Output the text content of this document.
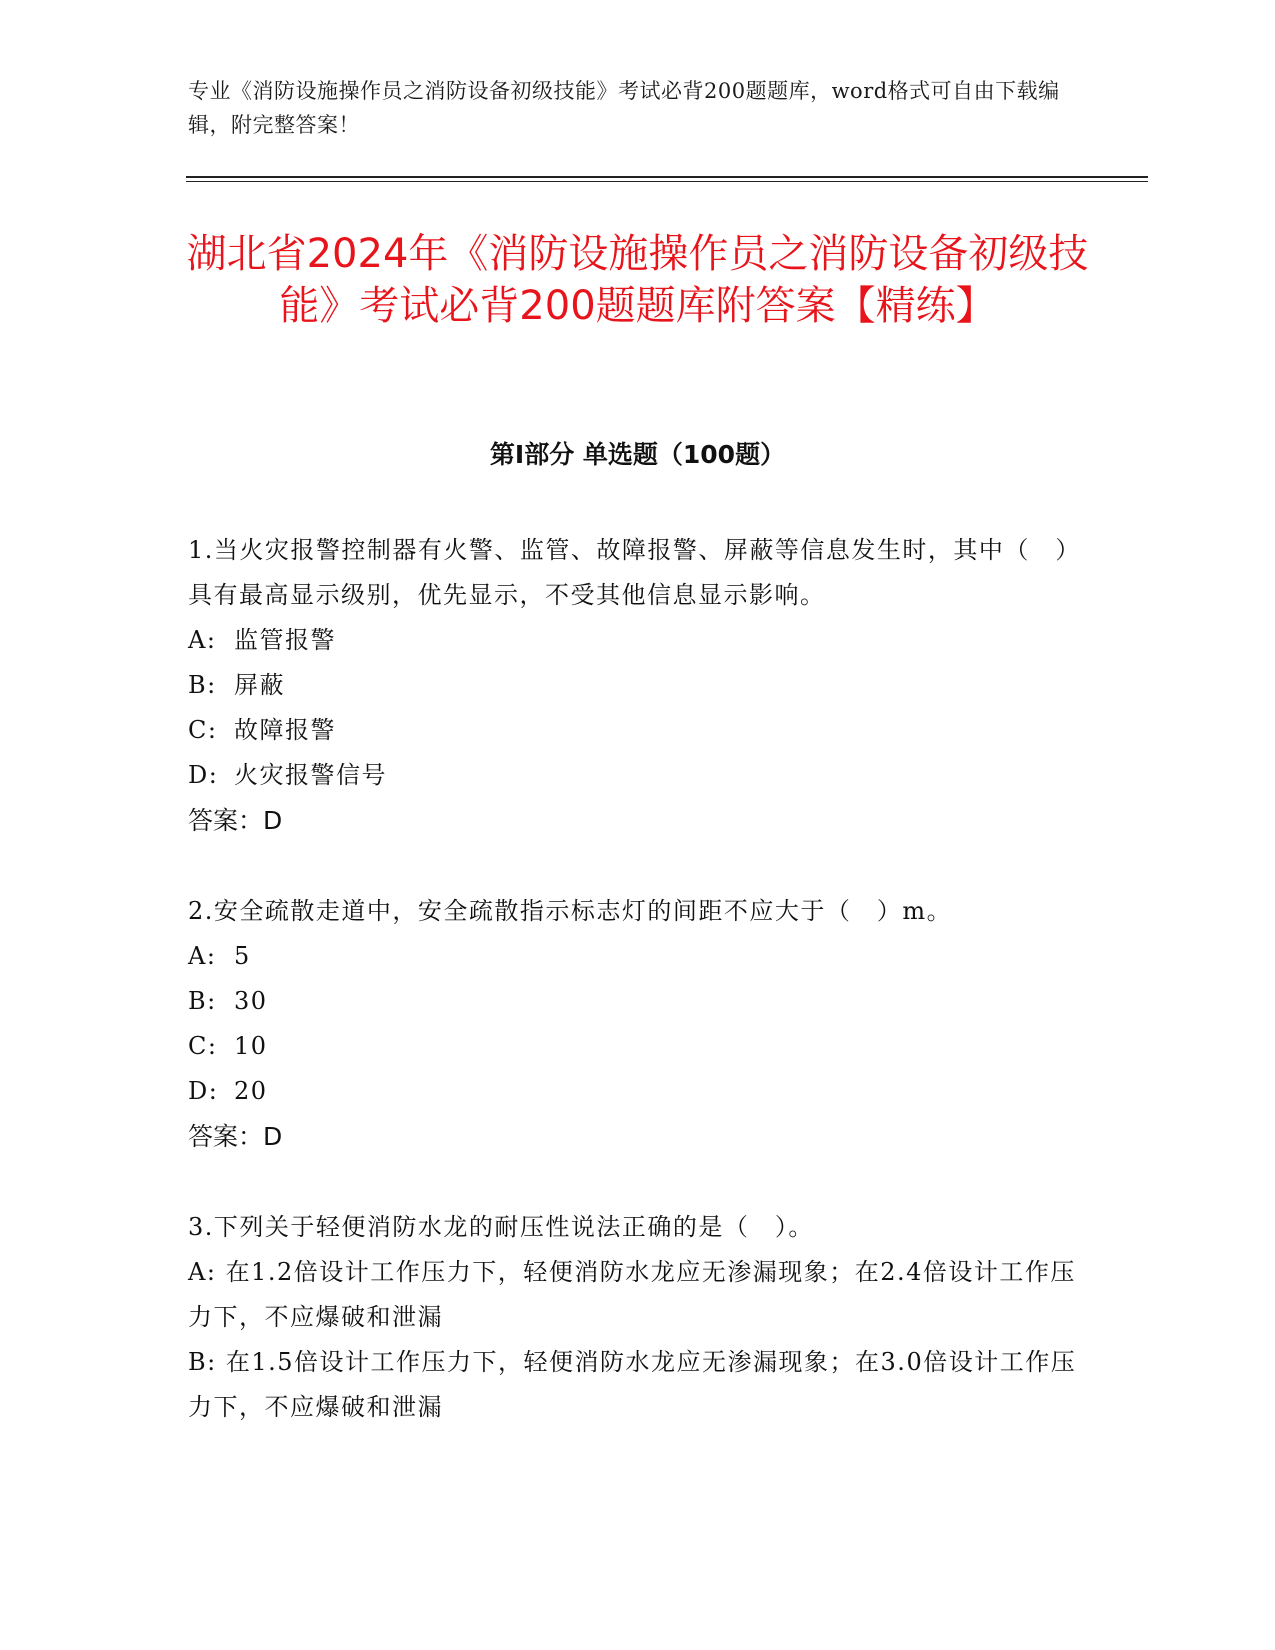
专业《消防设施操作员之消防设备初级技能》考试必背200题题库，word格式可自由下载编辑，附完整答案！
湖北省2024年《消防设施操作员之消防设备初级技能》考试必背200题题库附答案【精练】
第I部分 单选题（100题）

1.当火灾报警控制器有火警、监管、故障报警、屏蔽等信息发生时，其中（　）具有最高显示级别，优先显示，不受其他信息显示影响。

A: 监管报警

B: 屏蔽

C: 故障报警

D: 火灾报警信号

答案：D

2.安全疏散走道中，安全疏散指示标志灯的间距不应大于（　）m。

A: 5

B: 30

C: 10

D: 20

答案：D

3.下列关于轻便消防水龙的耐压性说法正确的是（　）。

A: 在1.2倍设计工作压力下，轻便消防水龙应无渗漏现象；在2.4倍设计工作压力下，不应爆破和泄漏

B: 在1.5倍设计工作压力下，轻便消防水龙应无渗漏现象；在3.0倍设计工作压力下，不应爆破和泄漏
